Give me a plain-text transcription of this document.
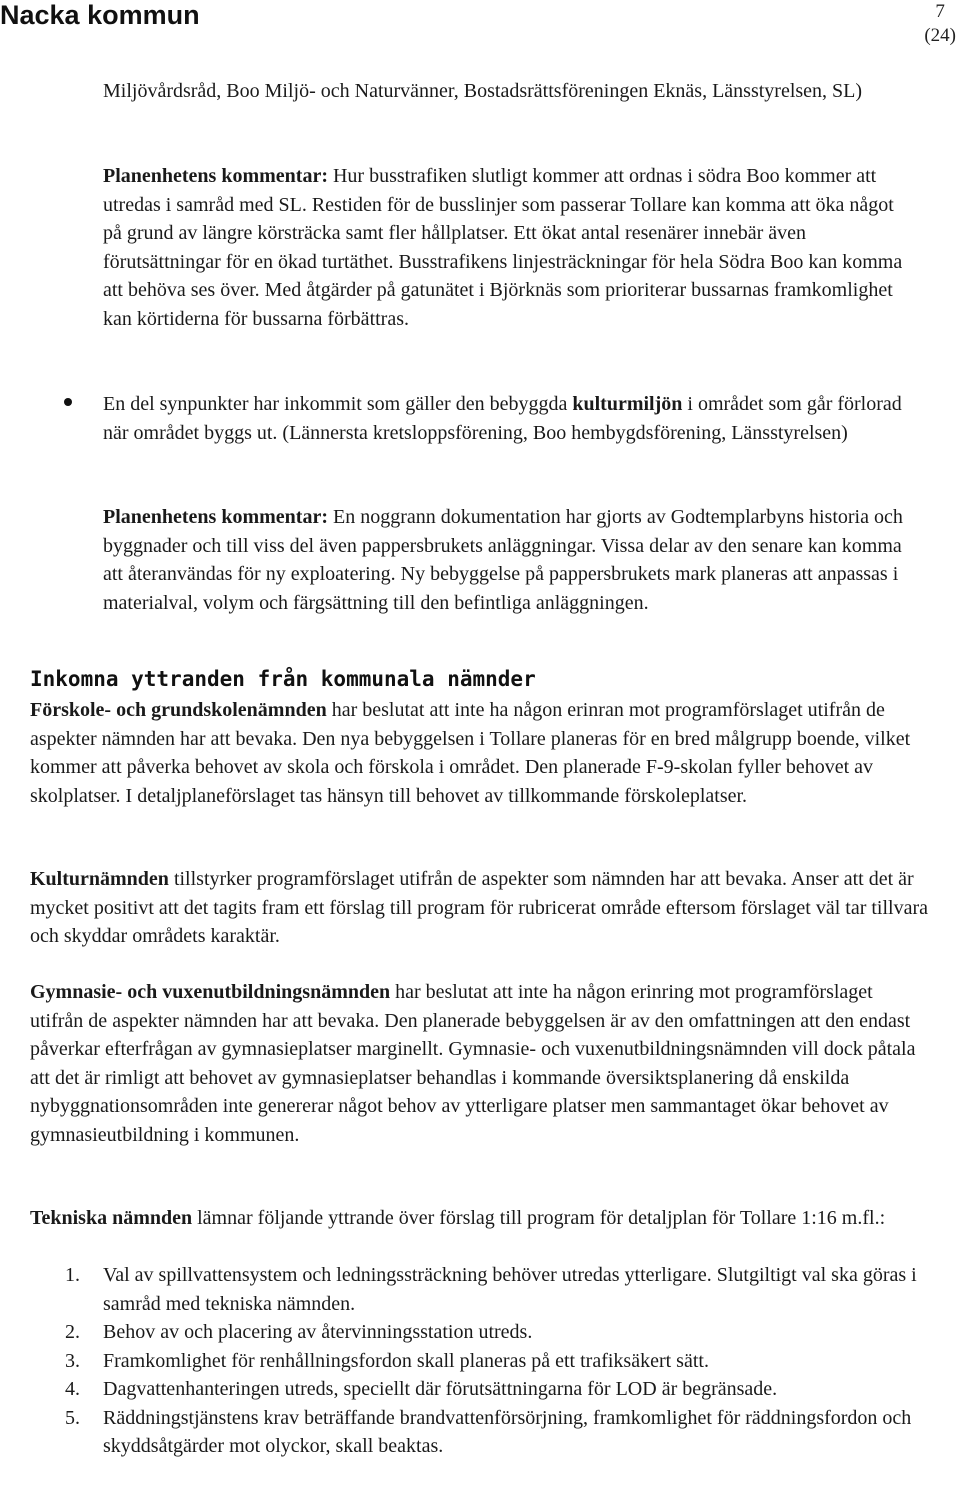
Nacka kommun	7
(24)

Miljövårdsråd, Boo Miljö- och Naturvänner, Bostadsrättsföreningen Eknäs, Länsstyrelsen, SL)

Planenhetens kommentar: Hur busstrafiken slutligt kommer att ordnas i södra Boo kommer att utredas i samråd med SL. Restiden för de busslinjer som passerar Tollare kan komma att öka något på grund av längre körsträcka samt fler hållplatser. Ett ökat antal resenärer innebär även förutsättningar för en ökad turtäthet. Busstrafikens linjesträckningar för hela Södra Boo kan komma att behöva ses över. Med åtgärder på gatunätet i Björknäs som prioriterar bussarnas framkomlighet kan körtiderna för bussarna förbättras.

En del synpunkter har inkommit som gäller den bebyggda kulturmiljön i området som går förlorad när området byggs ut. (Lännersta kretsloppsförening, Boo hembygdsförening, Länsstyrelsen)

Planenhetens kommentar: En noggrann dokumentation har gjorts av Godtemplarbyns historia och byggnader och till viss del även pappersbrukets anläggningar. Vissa delar av den senare kan komma att återanvändas för ny exploatering. Ny bebyggelse på pappersbrukets mark planeras att anpassas i materialval, volym och färgsättning till den befintliga anläggningen.

Inkomna yttranden från kommunala nämnder

Förskole- och grundskolenämnden har beslutat att inte ha någon erinran mot programförslaget utifrån de aspekter nämnden har att bevaka. Den nya bebyggelsen i Tollare planeras för en bred målgrupp boende, vilket kommer att påverka behovet av skola och förskola i området. Den planerade F-9-skolan fyller behovet av skolplatser. I detaljplaneförslaget tas hänsyn till behovet av tillkommande förskoleplatser.

Kulturnämnden tillstyrker programförslaget utifrån de aspekter som nämnden har att bevaka. Anser att det är mycket positivt att det tagits fram ett förslag till program för rubricerat område eftersom förslaget väl tar tillvara och skyddar områdets karaktär.

Gymnasie- och vuxenutbildningsnämnden har beslutat att inte ha någon erinring mot programförslaget utifrån de aspekter nämnden har att bevaka. Den planerade bebyggelsen är av den omfattningen att den endast påverkar efterfrågan av gymnasieplatser marginellt. Gymnasie- och vuxenutbildningsnämnden vill dock påtala att det är rimligt att behovet av gymnasieplatser behandlas i kommande översiktsplanering då enskilda nybyggnationsområden inte genererar något behov av ytterligare platser men sammantaget ökar behovet av gymnasieutbildning i kommunen.

Tekniska nämnden lämnar följande yttrande över förslag till program för detaljplan för Tollare 1:16 m.fl.:

1. Val av spillvattensystem och ledningssträckning behöver utredas ytterligare. Slutgiltigt val ska göras i samråd med tekniska nämnden.
2. Behov av och placering av återvinningsstation utreds.
3. Framkomlighet för renhållningsfordon skall planeras på ett trafiksäkert sätt.
4. Dagvattenhanteringen utreds, speciellt där förutsättningarna för LOD är begränsade.
5. Räddningstjänstens krav beträffande brandvattenförsörjning, framkomlighet för räddningsfordon och skyddsåtgärder mot olyckor, skall beaktas.
